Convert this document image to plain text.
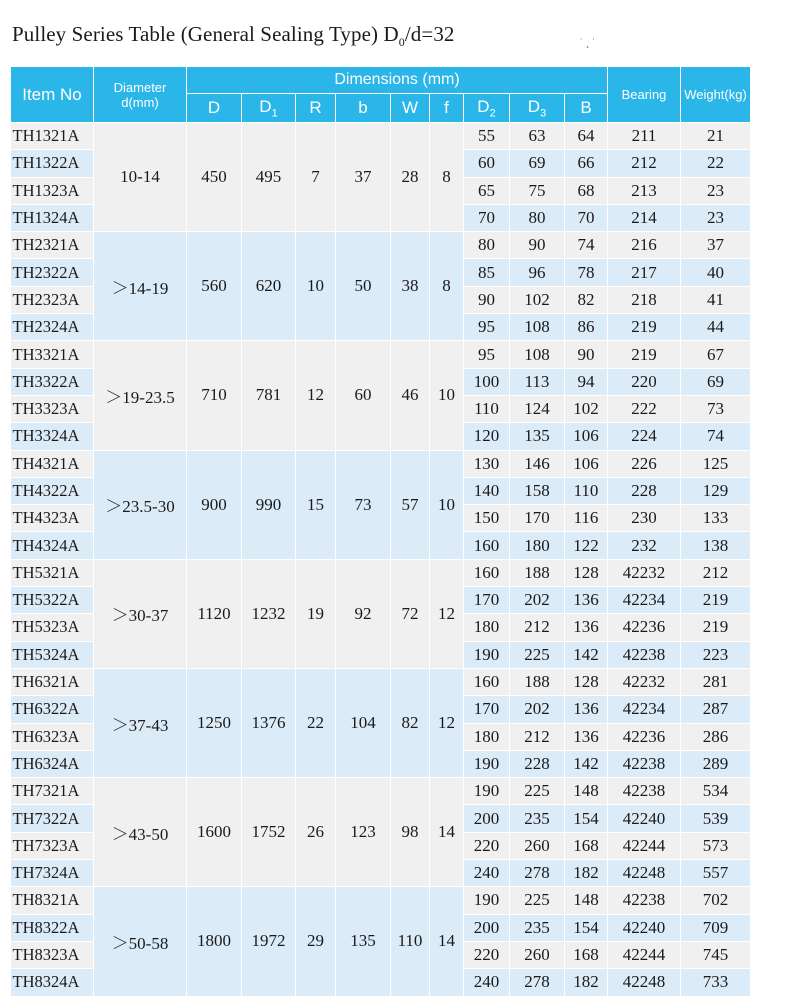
Pulley Series Table (General Sealing Type) $D_0/d=32$	˙ ¸ ˙
Item No	Diameter d(mm)	Dimensions (mm)									Bearing	Weight(kg)
		D	$D_1$	R	b	W	f	$D_2$	$D_3$	B		
TH1321A	10-14	450	495	7	37	28	8	55	63	64	211	21
TH1322A								60	69	66	212	22
TH1323A								65	75	68	213	23
TH1324A								70	80	70	214	23
TH2321A	＞14-19	560	620	10	50	38	8	80	90	74	216	37
TH2322A								85	96	78	217	40
TH2323A								90	102	82	218	41
TH2324A								95	108	86	219	44
TH3321A	＞19-23.5	710	781	12	60	46	10	95	108	90	219	67
TH3322A								100	113	94	220	69
TH3323A								110	124	102	222	73
TH3324A								120	135	106	224	74
TH4321A	＞23.5-30	900	990	15	73	57	10	130	146	106	226	125
TH4322A								140	158	110	228	129
TH4323A								150	170	116	230	133
TH4324A								160	180	122	232	138
TH5321A	＞30-37	1120	1232	19	92	72	12	160	188	128	42232	212
TH5322A								170	202	136	42234	219
TH5323A								180	212	136	42236	219
TH5324A								190	225	142	42238	223
TH6321A	＞37-43	1250	1376	22	104	82	12	160	188	128	42232	281
TH6322A								170	202	136	42234	287
TH6323A								180	212	136	42236	286
TH6324A								190	228	142	42238	289
TH7321A	＞43-50	1600	1752	26	123	98	14	190	225	148	42238	534
TH7322A								200	235	154	42240	539
TH7323A								220	260	168	42244	573
TH7324A								240	278	182	42248	557
TH8321A	＞50-58	1800	1972	29	135	110	14	190	225	148	42238	702
TH8322A								200	235	154	42240	709
TH8323A								220	260	168	42244	745
TH8324A								240	278	182	42248	733
